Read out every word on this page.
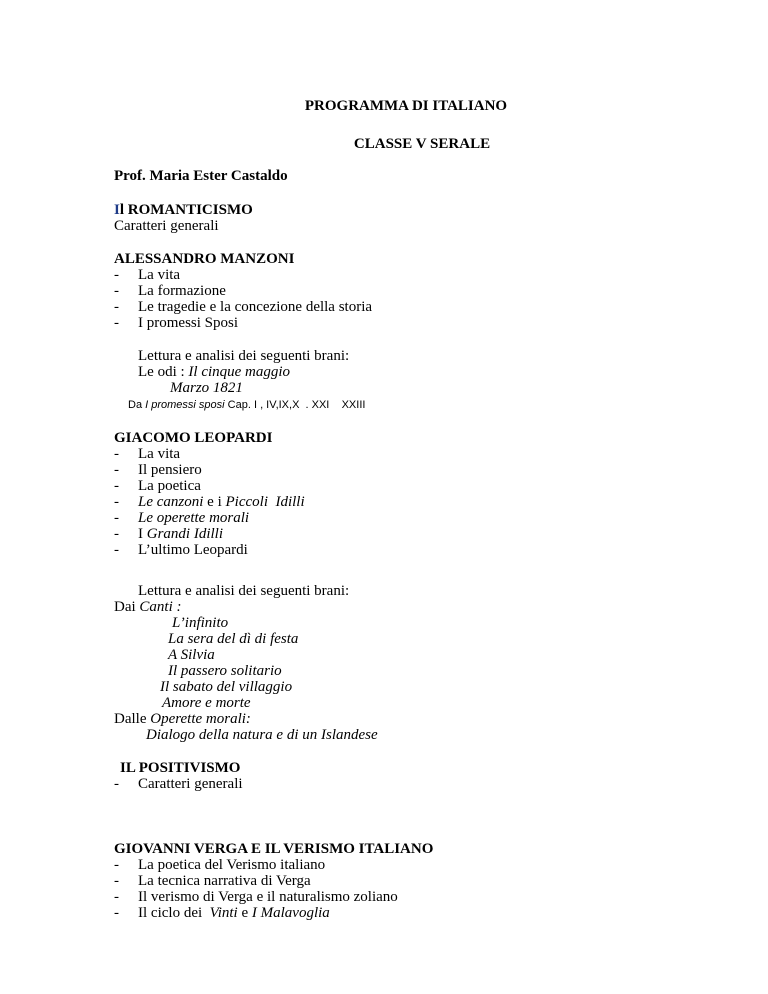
PROGRAMMA DI ITALIANO
CLASSE V SERALE
Prof. Maria Ester Castaldo
Il ROMANTICISMO
Caratteri generali
ALESSANDRO MANZONI
- La vita
- La formazione
- Le tragedie e la concezione della storia
- I promessi Sposi
Lettura e analisi dei seguenti brani:
Le odi : Il cinque maggio
Marzo 1821
Da I promessi sposi Cap. I , IV,IX,X  . XXI    XXIII
GIACOMO LEOPARDI
- La vita
- Il pensiero
- La poetica
- Le canzoni e i Piccoli  Idilli
- Le operette morali
- I Grandi Idilli
- L’ultimo Leopardi
Lettura e analisi dei seguenti brani:
Dai Canti :
L’infinito
La sera del dì di festa
A Silvia
Il passero solitario
Il sabato del villaggio
Amore e morte
Dalle Operette morali:
Dialogo della natura e di un Islandese
IL POSITIVISMO
- Caratteri generali
GIOVANNI VERGA E IL VERISMO ITALIANO
- La poetica del Verismo italiano
- La tecnica narrativa di Verga
- Il verismo di Verga e il naturalismo zoliano
- Il ciclo dei  Vinti e I Malavoglia
